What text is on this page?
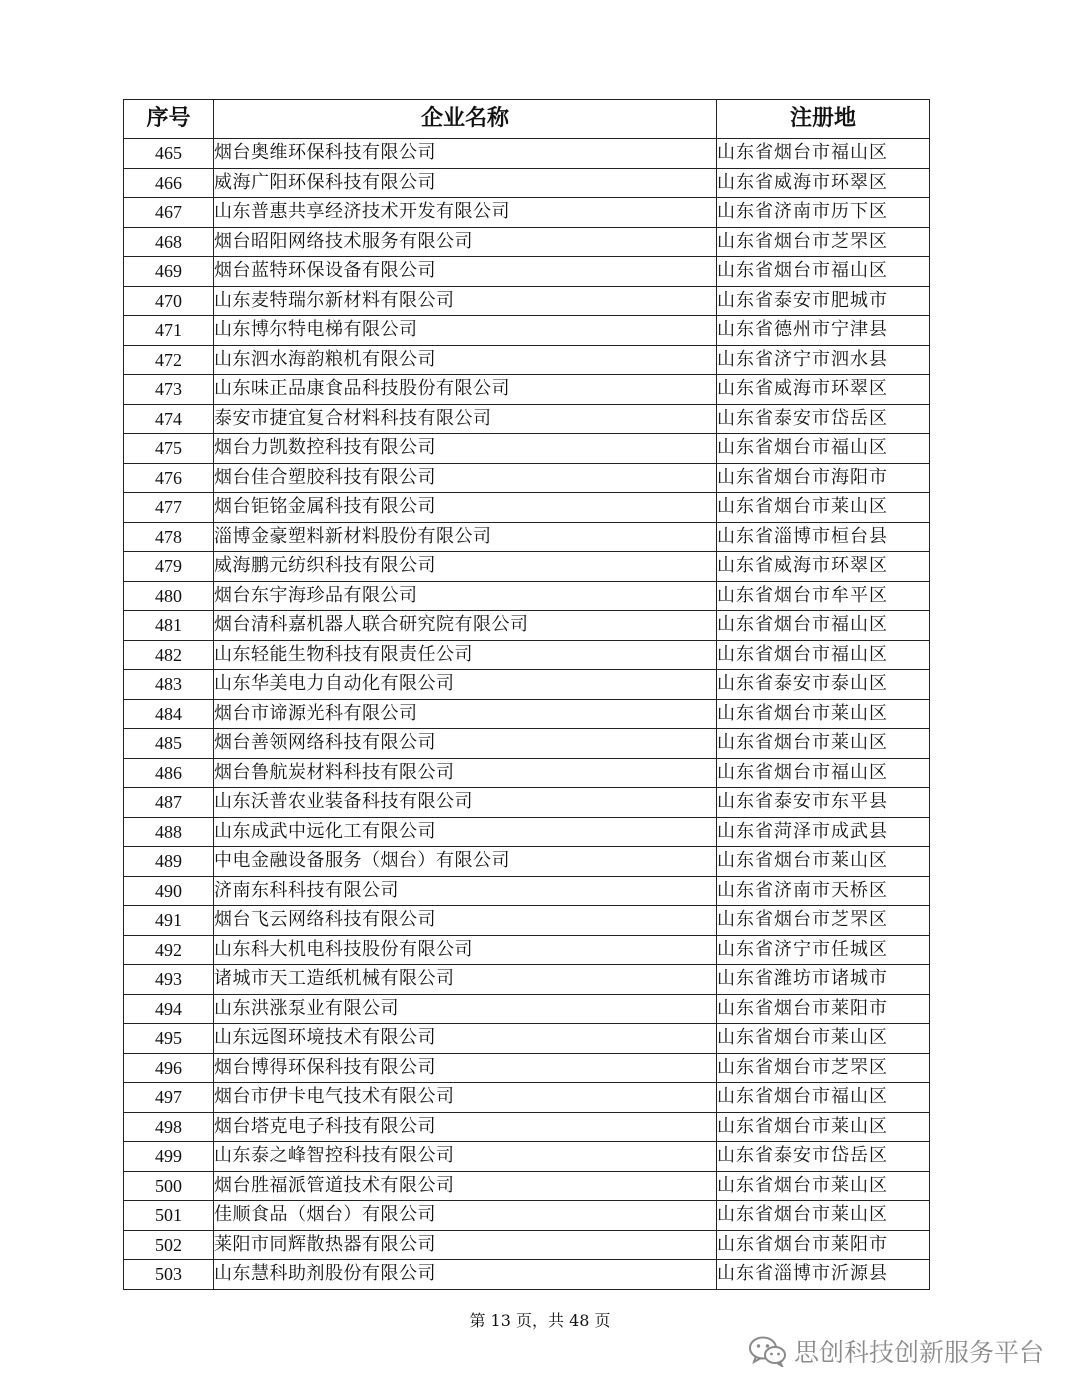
序号	企业名称	注册地
465	烟台奥维环保科技有限公司	山东省烟台市福山区
466	威海广阳环保科技有限公司	山东省威海市环翠区
467	山东普惠共享经济技术开发有限公司	山东省济南市历下区
468	烟台昭阳网络技术服务有限公司	山东省烟台市芝罘区
469	烟台蓝特环保设备有限公司	山东省烟台市福山区
470	山东麦特瑞尔新材料有限公司	山东省泰安市肥城市
471	山东博尔特电梯有限公司	山东省德州市宁津县
472	山东泗水海韵粮机有限公司	山东省济宁市泗水县
473	山东味正品康食品科技股份有限公司	山东省威海市环翠区
474	泰安市捷宜复合材料科技有限公司	山东省泰安市岱岳区
475	烟台力凯数控科技有限公司	山东省烟台市福山区
476	烟台佳合塑胶科技有限公司	山东省烟台市海阳市
477	烟台钜铭金属科技有限公司	山东省烟台市莱山区
478	淄博金豪塑料新材料股份有限公司	山东省淄博市桓台县
479	威海鹏元纺织科技有限公司	山东省威海市环翠区
480	烟台东宇海珍品有限公司	山东省烟台市牟平区
481	烟台清科嘉机器人联合研究院有限公司	山东省烟台市福山区
482	山东轻能生物科技有限责任公司	山东省烟台市福山区
483	山东华美电力自动化有限公司	山东省泰安市泰山区
484	烟台市谛源光科有限公司	山东省烟台市莱山区
485	烟台善领网络科技有限公司	山东省烟台市莱山区
486	烟台鲁航炭材料科技有限公司	山东省烟台市福山区
487	山东沃普农业装备科技有限公司	山东省泰安市东平县
488	山东成武中远化工有限公司	山东省菏泽市成武县
489	中电金融设备服务（烟台）有限公司	山东省烟台市莱山区
490	济南东科科技有限公司	山东省济南市天桥区
491	烟台飞云网络科技有限公司	山东省烟台市芝罘区
492	山东科大机电科技股份有限公司	山东省济宁市任城区
493	诸城市天工造纸机械有限公司	山东省潍坊市诸城市
494	山东洪涨泵业有限公司	山东省烟台市莱阳市
495	山东远图环境技术有限公司	山东省烟台市莱山区
496	烟台博得环保科技有限公司	山东省烟台市芝罘区
497	烟台市伊卡电气技术有限公司	山东省烟台市福山区
498	烟台塔克电子科技有限公司	山东省烟台市莱山区
499	山东泰之峰智控科技有限公司	山东省泰安市岱岳区
500	烟台胜福派管道技术有限公司	山东省烟台市莱山区
501	佳顺食品（烟台）有限公司	山东省烟台市莱山区
502	莱阳市同辉散热器有限公司	山东省烟台市莱阳市
503	山东慧科助剂股份有限公司	山东省淄博市沂源县
第 13 页，共 48 页
思创科技创新服务平台
